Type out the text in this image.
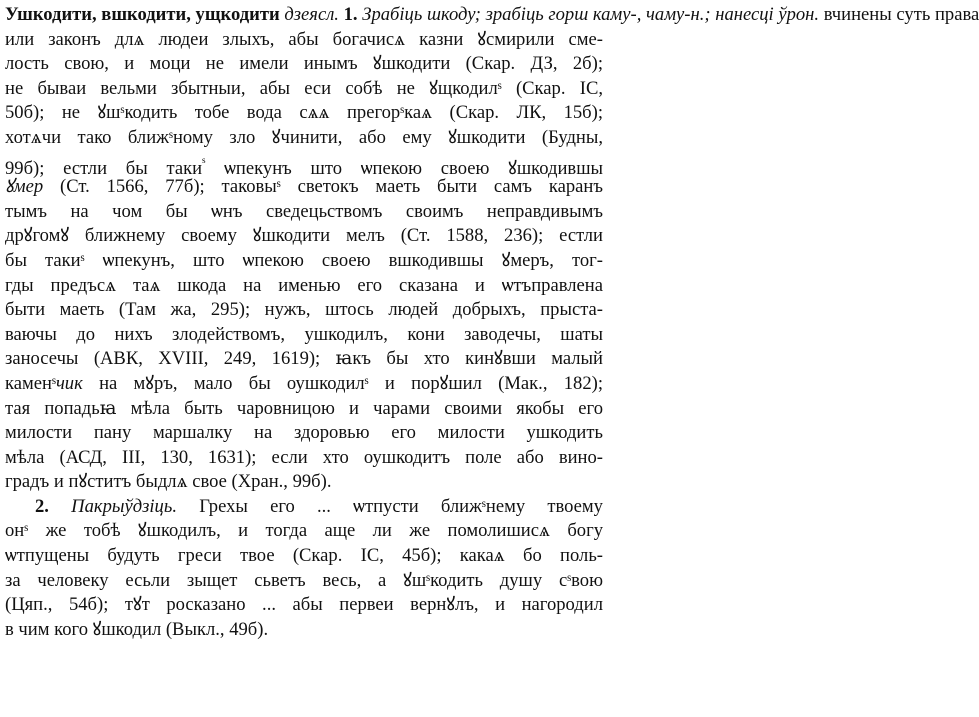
Ушкодити, вшкодити, ущкодити дзеясл. 1. Зрабіць шкоду; зрабіць горш каму-, чаму-н.; нанесці ўрон. вчинены суть права
или законъ длѧ людеи злыхъ, абы богачисѧ казни ꙋсмирили сме-
лость свою, и моци не имели инымъ ꙋшкодити (Скар. ДЗ, 2б);
не бываи вельми збытныи, абы еси собѣ не ꙋщкодилˢ (Скар. ІС,
50б); не ꙋшˢкодить тобе вода сѧѧ прегорˢкаѧ (Скар. ЛК, 15б);
хотѧчи тако ближˢному зло ꙋчинити, або ему ꙋшкодити (Будны,
99б); естли бы таки$^ˢ$ ѡпекунъ што ѡпекою своею ꙋшкодившы
ꙋмер (Ст. 1566, 77б); таковыˢ светокъ маеть быти самъ каранъ
тымъ на чом бы ѡнъ сведецьствомъ своимъ неправдивымъ
дрꙋгомꙋ ближнему своему ꙋшкодити мелъ (Ст. 1588, 236); естли
бы такиˢ ѡпекунъ, што ѡпекою своею вшкодившы ꙋмеръ, тог-
гды предъсѧ таѧ шкода на именью его сказана и ѡтъправлена
быти маеть (Там жа, 295); нужъ, штось людей добрыхъ, прыста-
ваючы до нихъ злодействомъ, ушкодилъ, кони заводечы, шаты
заносечы (АВК, XVIII, 249, 1619); ꙗкъ бы хто кинꙋвши малый
каменˢчик на мꙋръ, мало бы оушкодилˢ и порꙋшил (Мак., 182);
тая попадьꙗ мѣла быть чаровницою и чарами своими якобы его
милости пану маршалку на здоровью его милости ушкодить
мѣла (АСД, III, 130, 1631); если хто оушкодитъ поле або вино-
градъ и пꙋститъ быдлѧ свое (Хран., 99б).
2. Пакрыўдзіць. Грехы его ... ѡтпусти ближˢнему твоему
онˢ же тобѣ ꙋшкодилъ, и тогда аще ли же помолишисѧ богу
ѡтпущены будуть греси твое (Скар. ІС, 45б); какаѧ бо поль-
за человеку есьли зыщет сьветъ весь, а ꙋшˢкодить душу сˢвою
(Цяп., 54б); тꙋт росказано ... абы первеи вернꙋлъ, и нагородил
в чим кого ꙋшкодил (Выкл., 49б).
